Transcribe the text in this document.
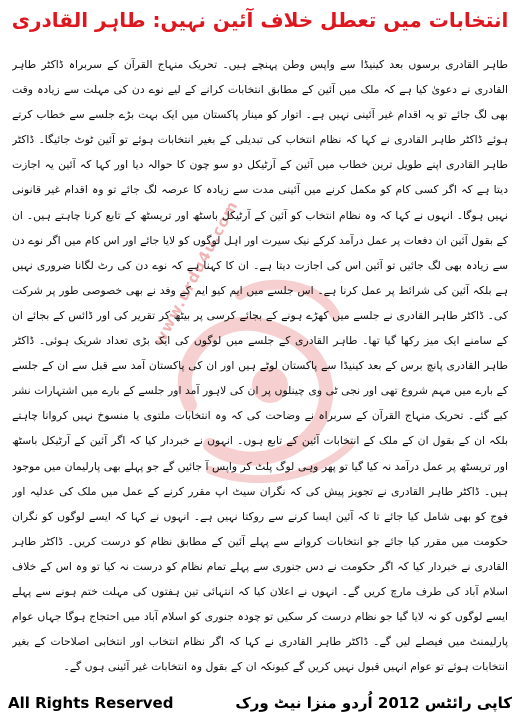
انتخابات میں تعطل خلاف آئین نہیں: طاہر القادری
www.urdu4u.com

طاہر القادری برسوں بعد کینیڈا سے واپس وطن پہنچے ہیں۔ تحریک منہاج القرآن کے سربراہ ڈاکٹر طاہر القادری نے دعویٰ کیا ہے کہ ملک میں آئین کے مطابق انتخابات کرانے کے لیے نوے دن کی مہلت سے زیادہ وقت بھی لگ جائے تو یہ اقدام غیر آئینی نہیں ہے۔ اتوار کو مینار پاکستان میں ایک بہت بڑے جلسے سے خطاب کرتے ہوئے ڈاکٹر طاہر القادری نے کہا کہ نظام انتخاب کی تبدیلی کے بغیر انتخابات ہوئے تو آئین ٹوٹ جائیگا۔ ڈاکٹر طاہر القادری اپنے طویل ترین خطاب میں آئین کے آرٹیکل دو سو چون کا حوالہ دیا اور کہا کہ آئین یہ اجازت دیتا ہے کہ اگر کسی کام کو مکمل کرنے میں آئینی مدت سے زیادہ کا عرصہ لگ جائے تو وہ اقدام غیر قانونی نہیں ہوگا۔ انہوں نے کہا کہ وہ نظام انتخاب کو آئین کے آرٹیکل باسٹھ اور تریسٹھ کے تابع کرنا چاہتے ہیں۔ ان کے بقول آئین ان دفعات پر عمل درآمد کرکے نیک سیرت اور اہل لوگوں کو لایا جائے اور اس کام میں اگر نوے دن سے زیادہ بھی لگ جائیں تو آئین اس کی اجازت دیتا ہے۔ ان کا کہنا ہے کہ نوے دن کی رٹ لگانا ضروری نہیں ہے بلکہ آئین کی شرائط پر عمل کرنا ہے۔ اس جلسے میں ایم کیو ایم کے وفد نے بھی خصوصی طور پر شرکت کی۔ ڈاکٹر طاہر القادری نے جلسے میں کھڑے ہونے کے بجائے کرسی پر بیٹھ کر تقریر کی اور ڈائس کے بجائے ان کے سامنے ایک میز رکھا گیا تھا۔ طاہر القادری کے جلسے میں لوگوں کی ایک بڑی تعداد شریک ہوئی۔ ڈاکٹر طاہر القادری پانچ برس کے بعد کینیڈا سے پاکستان لوٹے ہیں اور ان کی پاکستان آمد سے قبل سے ان کے جلسے کے بارے میں مہم شروع تھی اور نجی ٹی وی چینلوں پر ان کی لاہور آمد اور جلسے کے بارے میں اشتہارات نشر کیے گئے۔ تحریک منہاج القرآن کے سربراہ نے وضاحت کی کہ وہ انتخابات ملتوی یا منسوخ نہیں کروانا چاہتے بلکہ ان کے بقول ان کے ملک کے انتخابات آئین کے تابع ہوں۔ انہوں نے خبردار کیا کہ اگر آئین کے آرٹیکل باسٹھ اور تریسٹھ پر عمل درآمد نہ کیا گیا تو پھر وہی لوگ پلٹ کر واپس آ جائیں گے جو پہلے بھی پارلیمان میں موجود ہیں۔ ڈاکٹر طاہر القادری نے تجویز پیش کی کہ نگران سیٹ اپ مقرر کرنے کے عمل میں ملک کی عدلیہ اور فوج کو بھی شامل کیا جائے تا کہ آئین ایسا کرنے سے روکتا نہیں ہے۔ انہوں نے کہا کہ ایسے لوگوں کو نگران حکومت میں مقرر کیا جائے جو انتخابات کروانے سے پہلے آئین کے مطابق نظام کو درست کریں۔ ڈاکٹر طاہر القادری نے خبردار کیا کہ اگر حکومت نے دس جنوری سے پہلے تمام نظام کو درست نہ کیا تو وہ اس کے خلاف اسلام آباد کی طرف مارچ کریں گے۔ انہوں نے اعلان کیا کہ انتہائی تین ہفتوں کی مہلت ختم ہونے سے پہلے ایسے لوگوں کو نہ لایا گیا جو نظام درست کر سکیں تو چودہ جنوری کو اسلام آباد میں احتجاج ہوگا جہاں عوام پارلیمنٹ میں فیصلے لیں گے۔ ڈاکٹر طاہر القادری نے کہا کہ اگر نظام انتخاب اور انتخابی اصلاحات کے بغیر انتخابات ہوئے تو عوام انہیں قبول نہیں کریں گے کیونکہ ان کے بقول وہ انتخابات غیر آئینی ہوں گے۔

All Rights Reserved	کاپی رائٹس 2012 اُردو منزا نیٹ ورک
